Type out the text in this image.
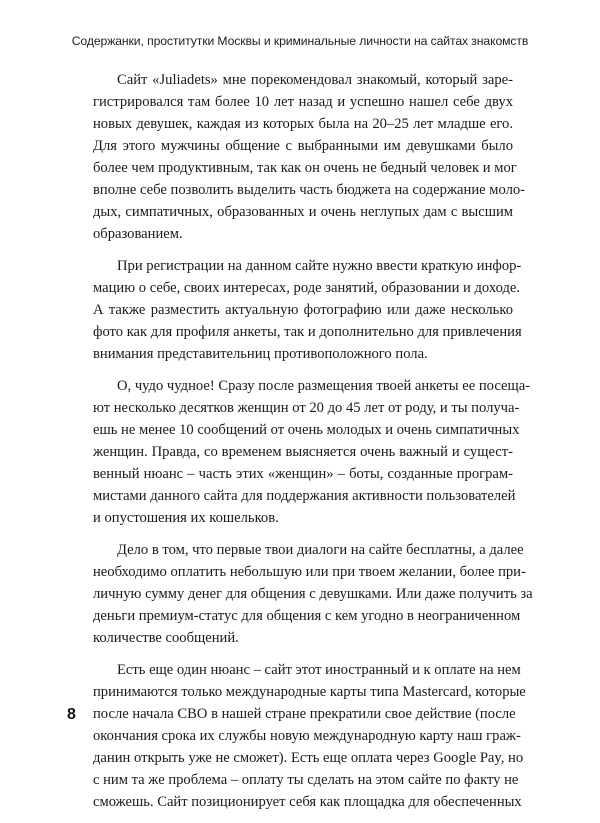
Содержанки, проститутки Москвы и криминальные личности на сайтах знакомств
Сайт «Juliadets» мне порекомендовал знакомый, который заре-
гистрировался там более 10 лет назад и успешно нашел себе двух
новых девушек, каждая из которых была на 20–25 лет младше его.
Для этого мужчины общение с выбранными им девушками было
более чем продуктивным, так как он очень не бедный человек и мог
вполне себе позволить выделить часть бюджета на содержание моло-
дых, симпатичных, образованных и очень неглупых дам с высшим
образованием.
При регистрации на данном сайте нужно ввести краткую инфор-
мацию о себе, своих интересах, роде занятий, образовании и доходе.
А также разместить актуальную фотографию или даже несколько
фото как для профиля анкеты, так и дополнительно для привлечения
внимания представительниц противоположного пола.
О, чудо чудное! Сразу после размещения твоей анкеты ее посеща-
ют несколько десятков женщин от 20 до 45 лет от роду, и ты получа-
ешь не менее 10 сообщений от очень молодых и очень симпатичных
женщин. Правда, со временем выясняется очень важный и сущест-
венный нюанс – часть этих «женщин» – боты, созданные програм-
мистами данного сайта для поддержания активности пользователей
и опустошения их кошельков.
Дело в том, что первые твои диалоги на сайте бесплатны, а далее
необходимо оплатить небольшую или при твоем желании, более при-
личную сумму денег для общения с девушками. Или даже получить за
деньги премиум-статус для общения с кем угодно в неограниченном
количестве сообщений.
Есть еще один нюанс – сайт этот иностранный и к оплате на нем
принимаются только международные карты типа Mastercard, которые
после начала СВО в нашей стране прекратили свое действие (после
окончания срока их службы новую международную карту наш граж-
данин открыть уже не сможет). Есть еще оплата через Google Pay, но
с ним та же проблема – оплату ты сделать на этом сайте по факту не
сможешь. Сайт позиционирует себя как площадка для обеспеченных
8
